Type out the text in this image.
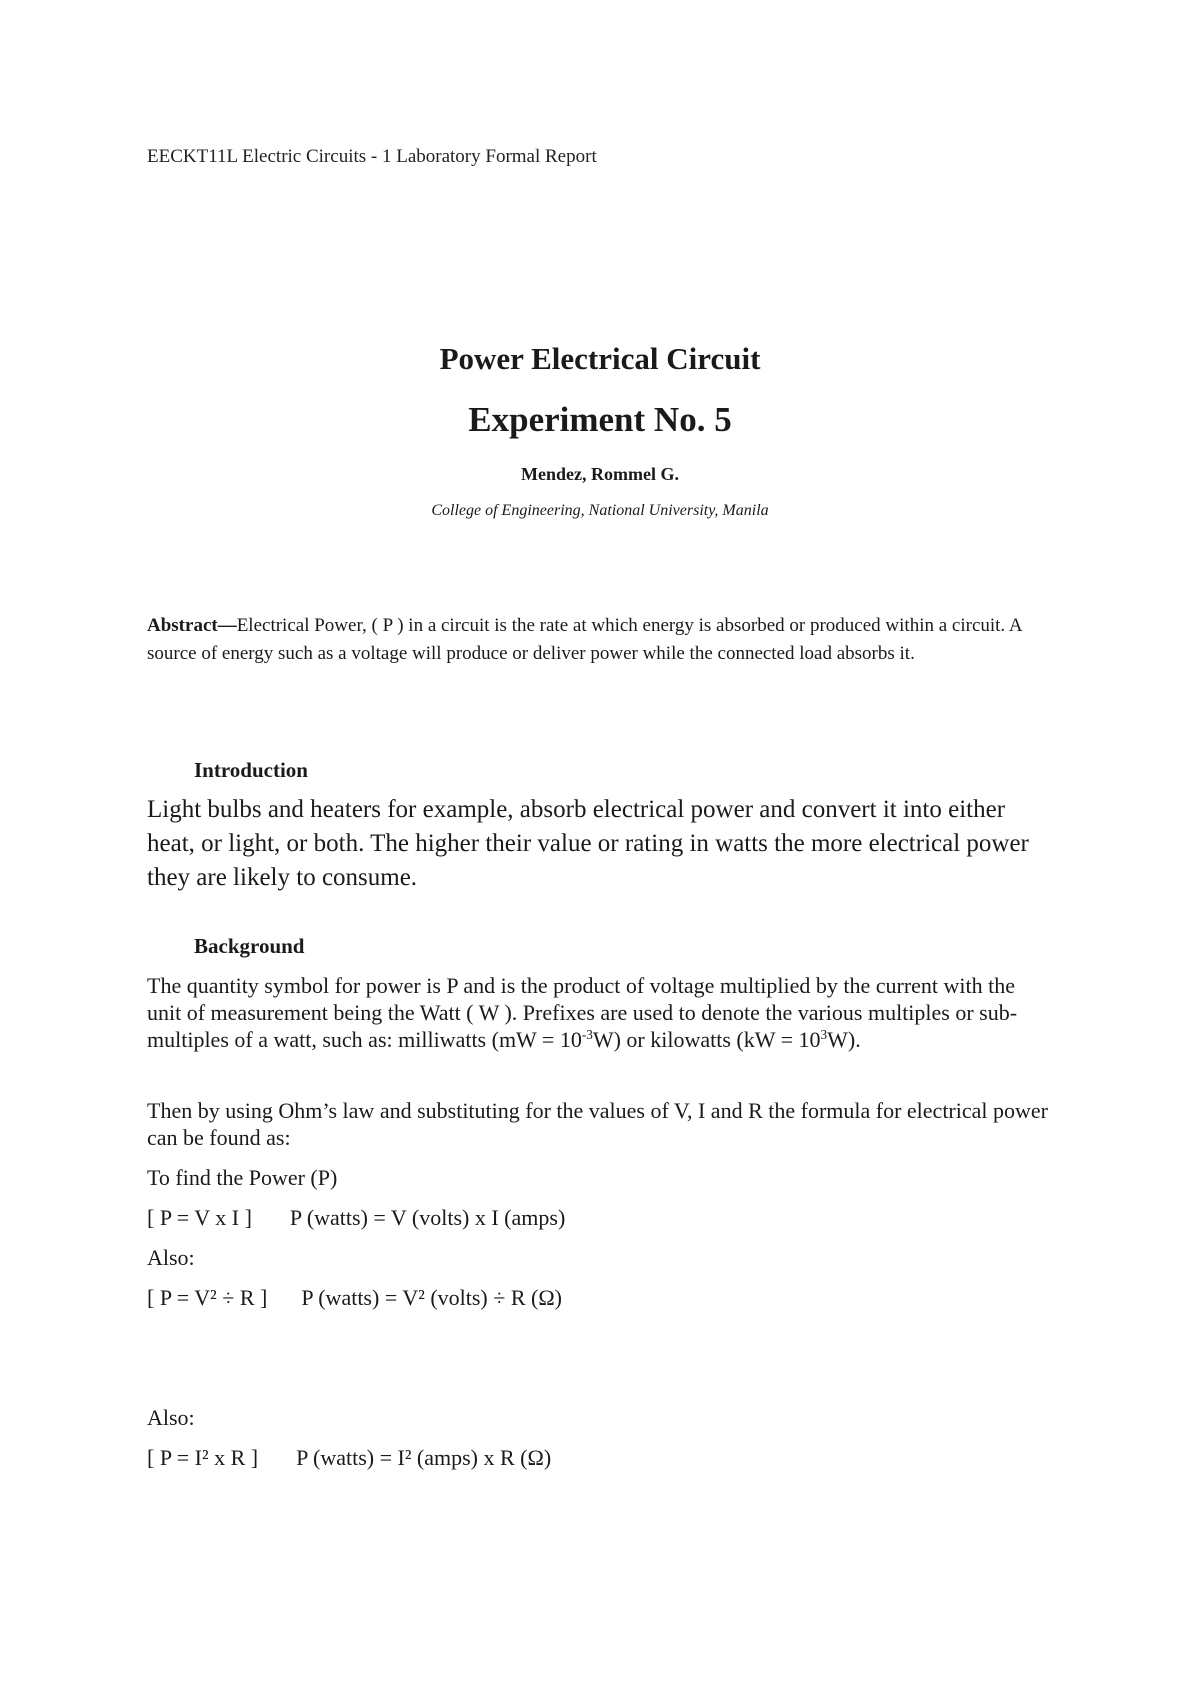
EECKT11L Electric Circuits - 1 Laboratory Formal Report
Power Electrical Circuit
Experiment No. 5
Mendez, Rommel G.
College of Engineering, National University, Manila
Abstract—Electrical Power, ( P ) in a circuit is the rate at which energy is absorbed or produced within a circuit. A source of energy such as a voltage will produce or deliver power while the connected load absorbs it.
Introduction
Light bulbs and heaters for example, absorb electrical power and convert it into either heat, or light, or both. The higher their value or rating in watts the more electrical power they are likely to consume.
Background
The quantity symbol for power is P and is the product of voltage multiplied by the current with the unit of measurement being the Watt ( W ). Prefixes are used to denote the various multiples or sub-multiples of a watt, such as: milliwatts $(mW = 10^{-3}W)$ or kilowatts $(kW = 10^3W)$.
Then by using Ohm’s law and substituting for the values of V, I and R the formula for electrical power can be found as:
To find the Power (P)
[ P = V x I ] P (watts) = V (volts) x I (amps)
Also:
[ P = V² ÷ R ] P (watts) = V² (volts) ÷ R (Ω)
Also:
[ P = I² x R ] P (watts) = I² (amps) x R (Ω)
